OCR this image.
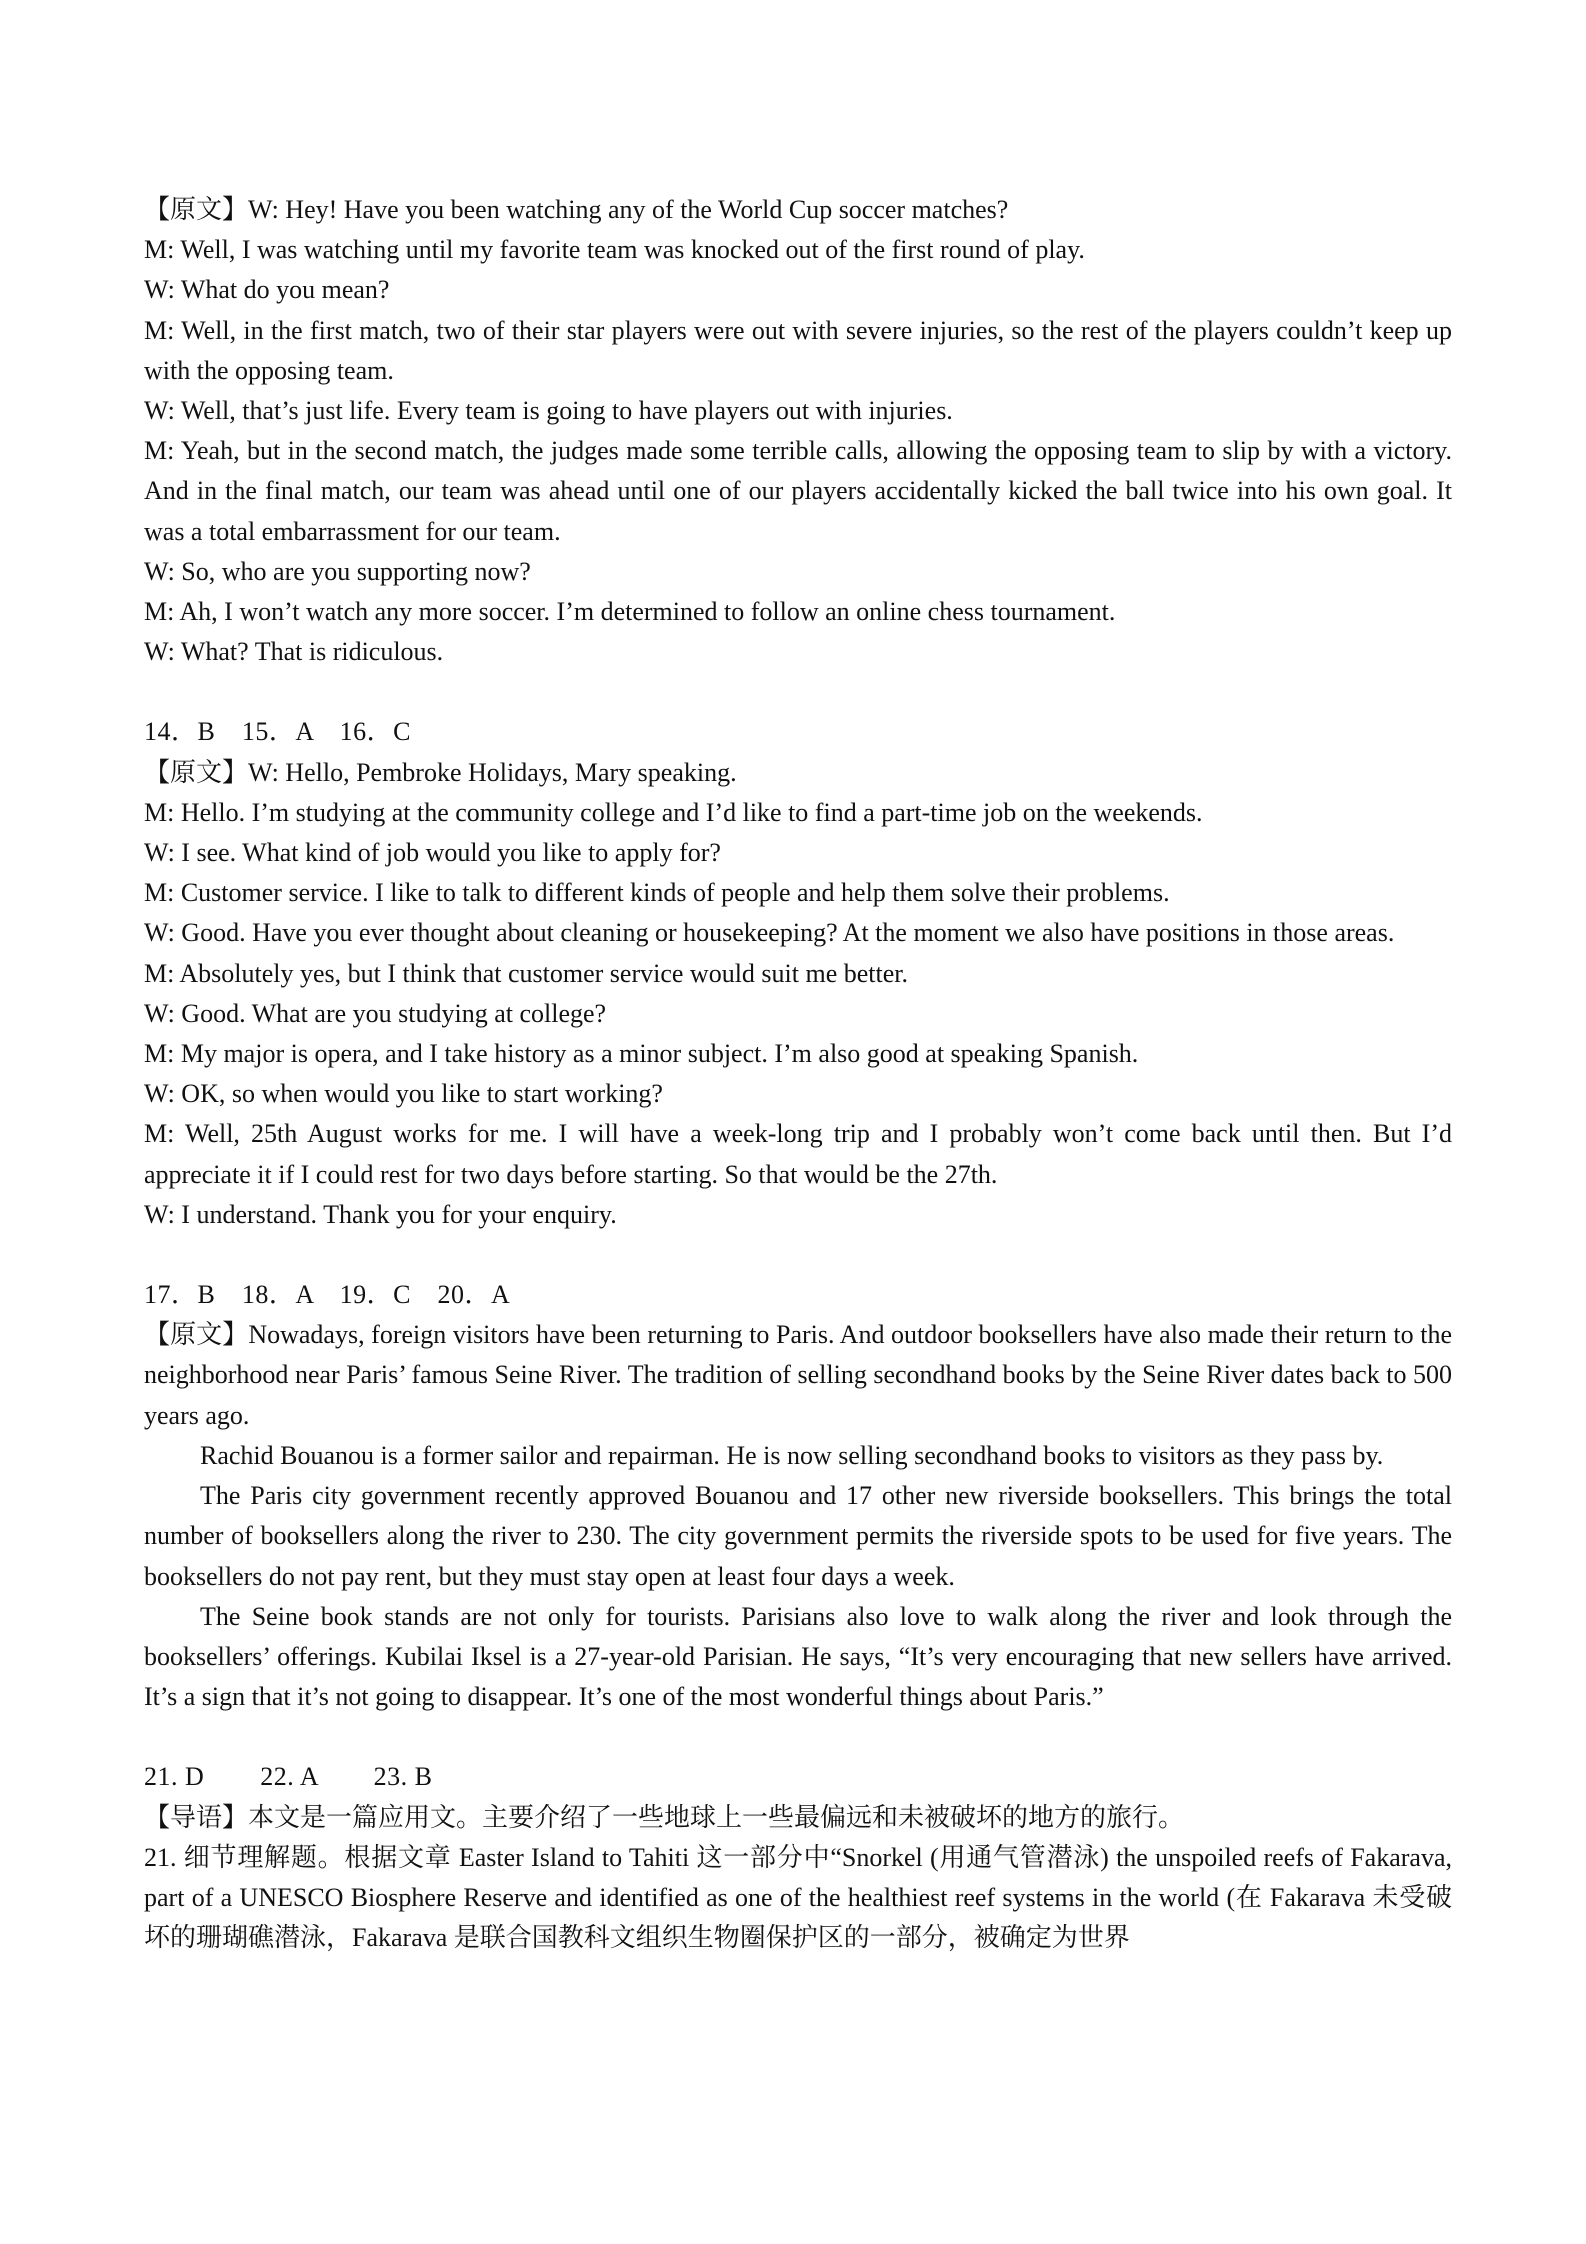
【原文】W: Hey! Have you been watching any of the World Cup soccer matches?

M: Well, I was watching until my favorite team was knocked out of the first round of play.

W: What do you mean?

M: Well, in the first match, two of their star players were out with severe injuries, so the rest of the players couldn’t keep up with the opposing team.

W: Well, that’s just life. Every team is going to have players out with injuries.

M: Yeah, but in the second match, the judges made some terrible calls, allowing the opposing team to slip by with a victory. And in the final match, our team was ahead until one of our players accidentally kicked the ball twice into his own goal. It was a total embarrassment for our team.

W: So, who are you supporting now?

M: Ah, I won’t watch any more soccer. I’m determined to follow an online chess tournament.

W: What? That is ridiculous.

14．B　15．A　16．C

【原文】W: Hello, Pembroke Holidays, Mary speaking.

M: Hello. I’m studying at the community college and I’d like to find a part-time job on the weekends.

W: I see. What kind of job would you like to apply for?

M: Customer service. I like to talk to different kinds of people and help them solve their problems.

W: Good. Have you ever thought about cleaning or housekeeping? At the moment we also have positions in those areas.

M: Absolutely yes, but I think that customer service would suit me better.

W: Good. What are you studying at college?

M: My major is opera, and I take history as a minor subject. I’m also good at speaking Spanish.

W: OK, so when would you like to start working?

M: Well, 25th August works for me. I will have a week-long trip and I probably won’t come back until then. But I’d appreciate it if I could rest for two days before starting. So that would be the 27th.

W: I understand. Thank you for your enquiry.

17．B　18．A　19．C　20．A

【原文】Nowadays, foreign visitors have been returning to Paris. And outdoor booksellers have also made their return to the neighborhood near Paris’ famous Seine River. The tradition of selling secondhand books by the Seine River dates back to 500 years ago.

Rachid Bouanou is a former sailor and repairman. He is now selling secondhand books to visitors as they pass by.

The Paris city government recently approved Bouanou and 17 other new riverside booksellers. This brings the total number of booksellers along the river to 230. The city government permits the riverside spots to be used for five years. The booksellers do not pay rent, but they must stay open at least four days a week.

The Seine book stands are not only for tourists. Parisians also love to walk along the river and look through the booksellers’ offerings. Kubilai Iksel is a 27-year-old Parisian. He says, “It’s very encouraging that new sellers have arrived. It’s a sign that it’s not going to disappear. It’s one of the most wonderful things about Paris.”

21. D        22. A        23. B

【导语】本文是一篇应用文。主要介绍了一些地球上一些最偏远和未被破坏的地方的旅行。

21. 细节理解题。根据文章 Easter Island to Tahiti 这一部分中“Snorkel (用通气管潜泳) the unspoiled reefs of Fakarava, part of a UNESCO Biosphere Reserve and identified as one of the healthiest reef systems in the world (在 Fakarava 未受破坏的珊瑚礁潜泳，Fakarava 是联合国教科文组织生物圈保护区的一部分，被确定为世界
